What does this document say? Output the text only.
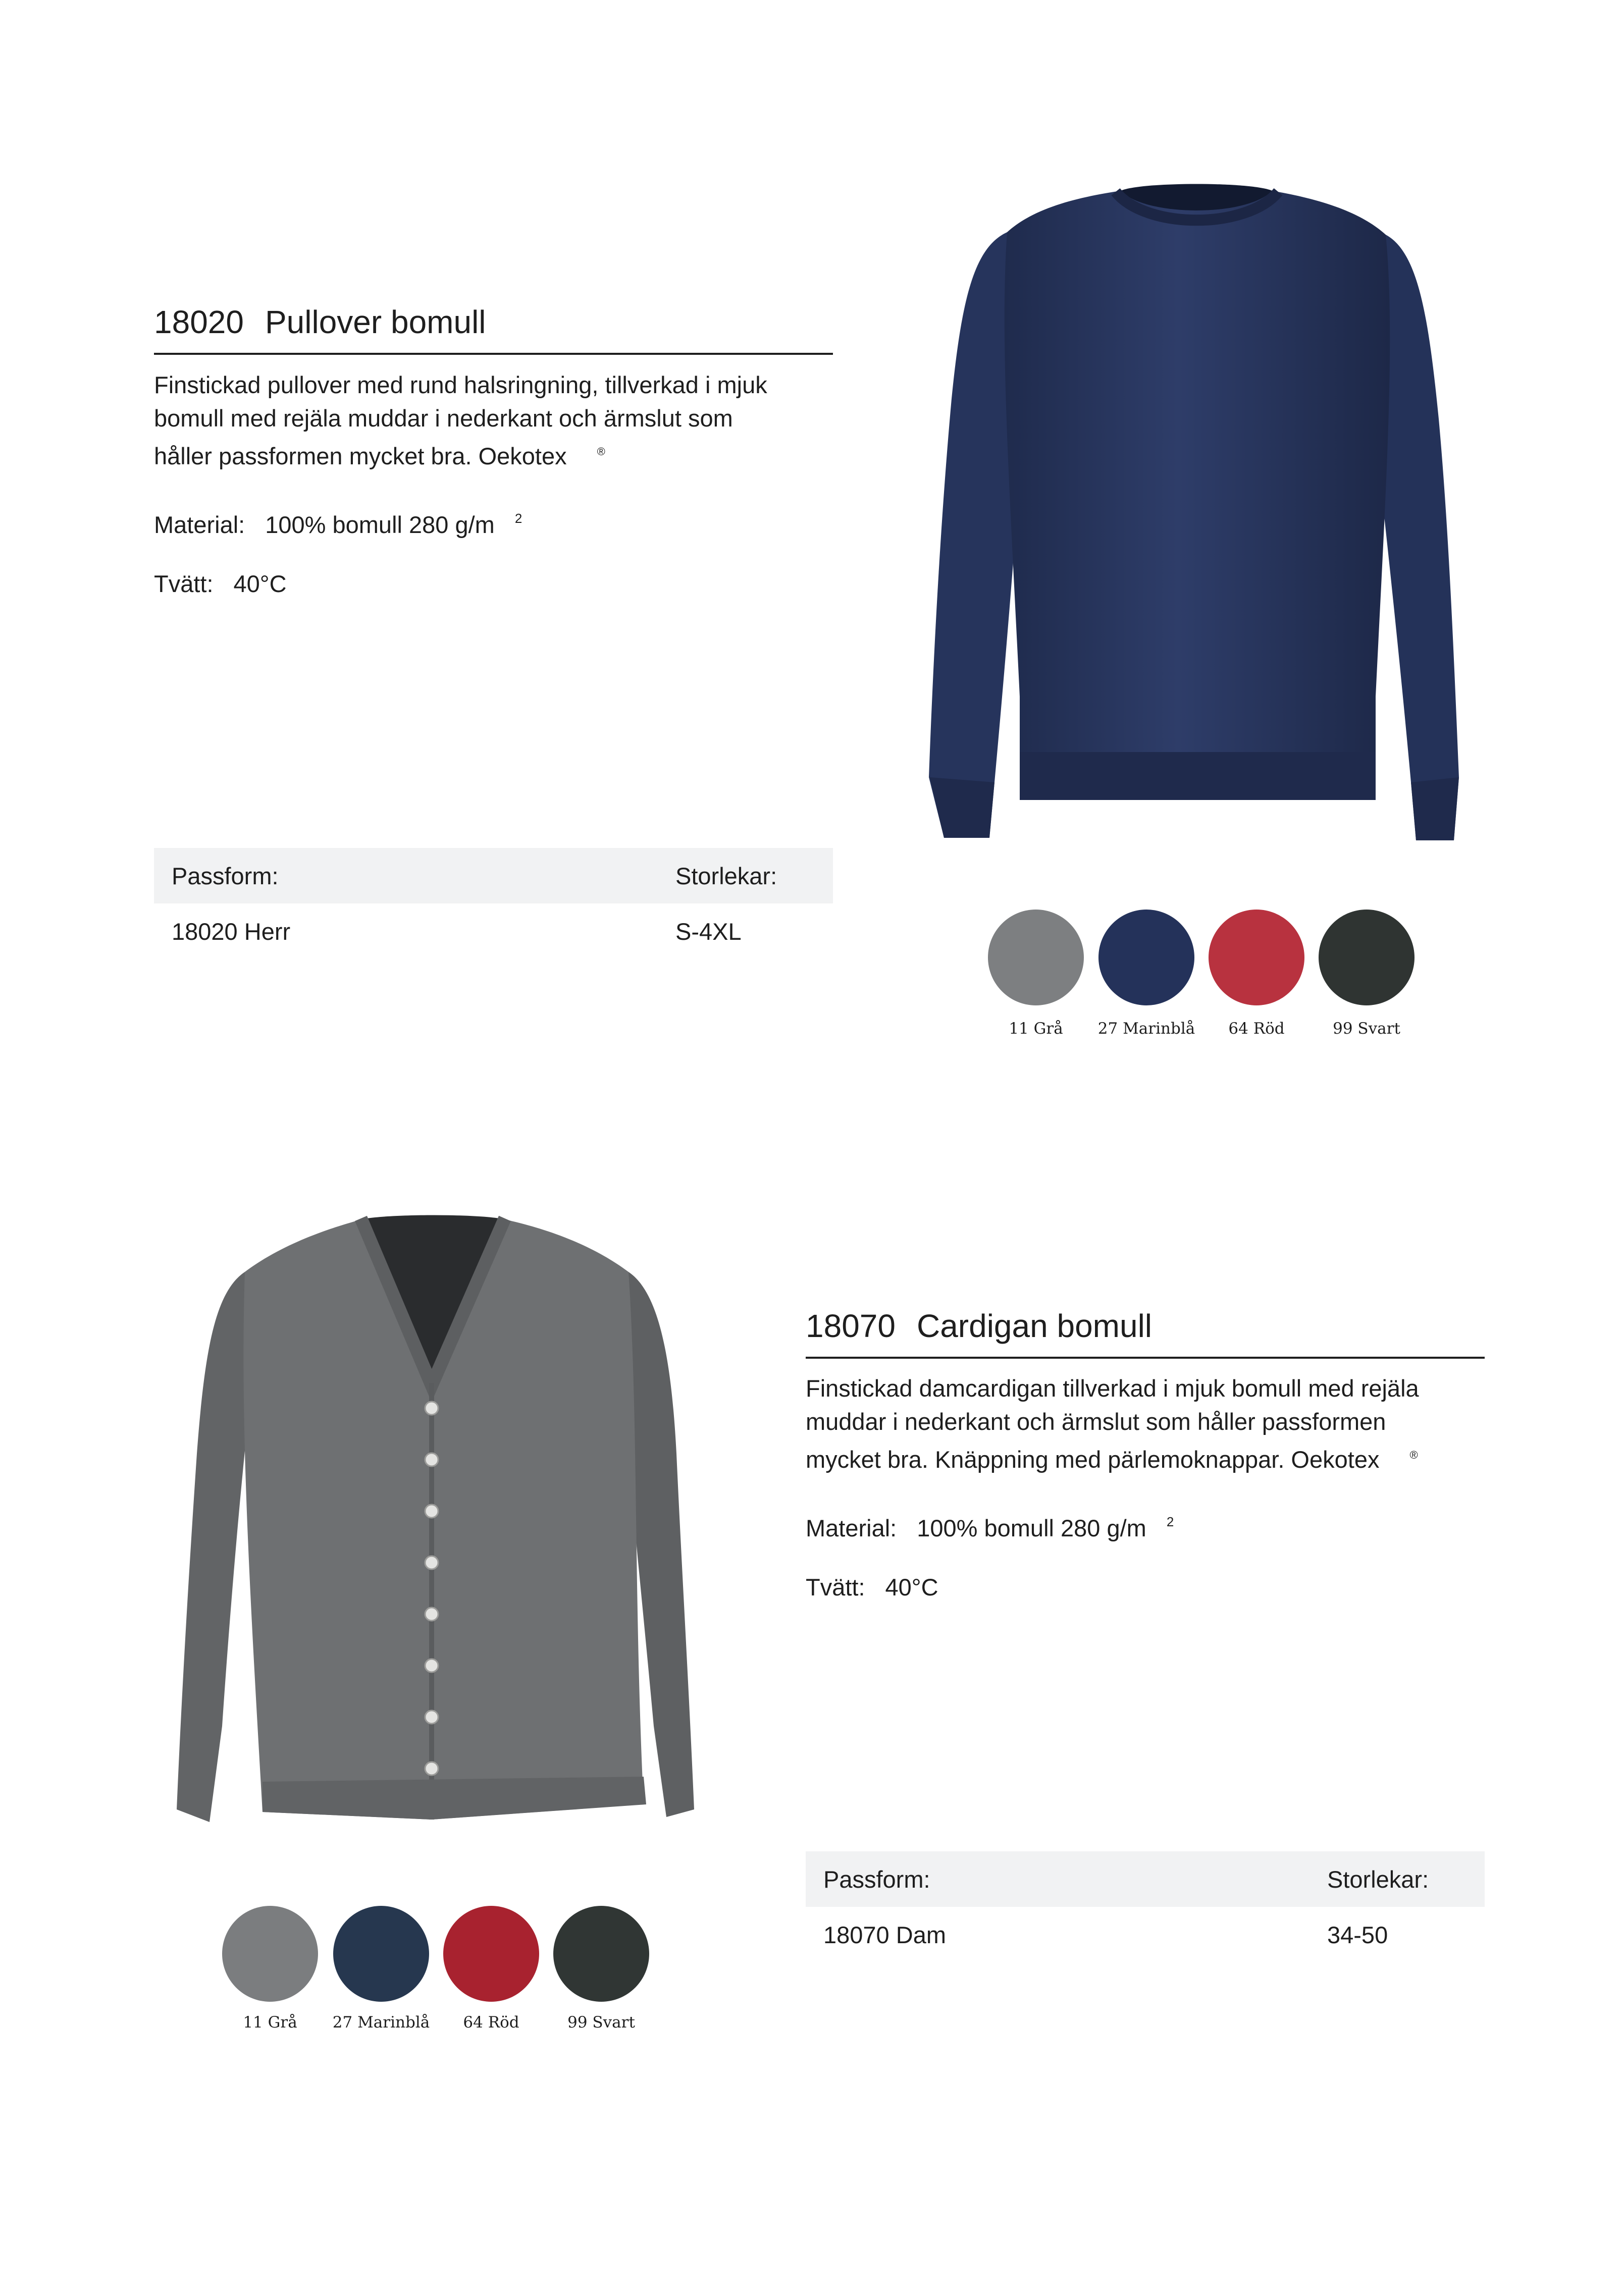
18020 Pullover bomull
Finstickad pullover med rund halsringning, tillverkad i mjuk
bomull med rejäla muddar i nederkant och ärmslut som
håller passformen mycket bra. Oekotex	®
Material: 100% bomull 280 g/m $^2$
Tvätt: 40°C
Passform:	Storlekar:
18020 Herr	S-4XL
11 Grå	27 Marinblå	64 Röd	99 Svart
11 Grå	27 Marinblå	64 Röd	99 Svart
18070 Cardigan bomull
Finstickad damcardigan tillverkad i mjuk bomull med rejäla
muddar i nederkant och ärmslut som håller passformen
mycket bra. Knäppning med pärlemoknappar. Oekotex	®
Material: 100% bomull 280 g/m $^2$
Tvätt: 40°C
Passform:	Storlekar:
18070 Dam	34-50
